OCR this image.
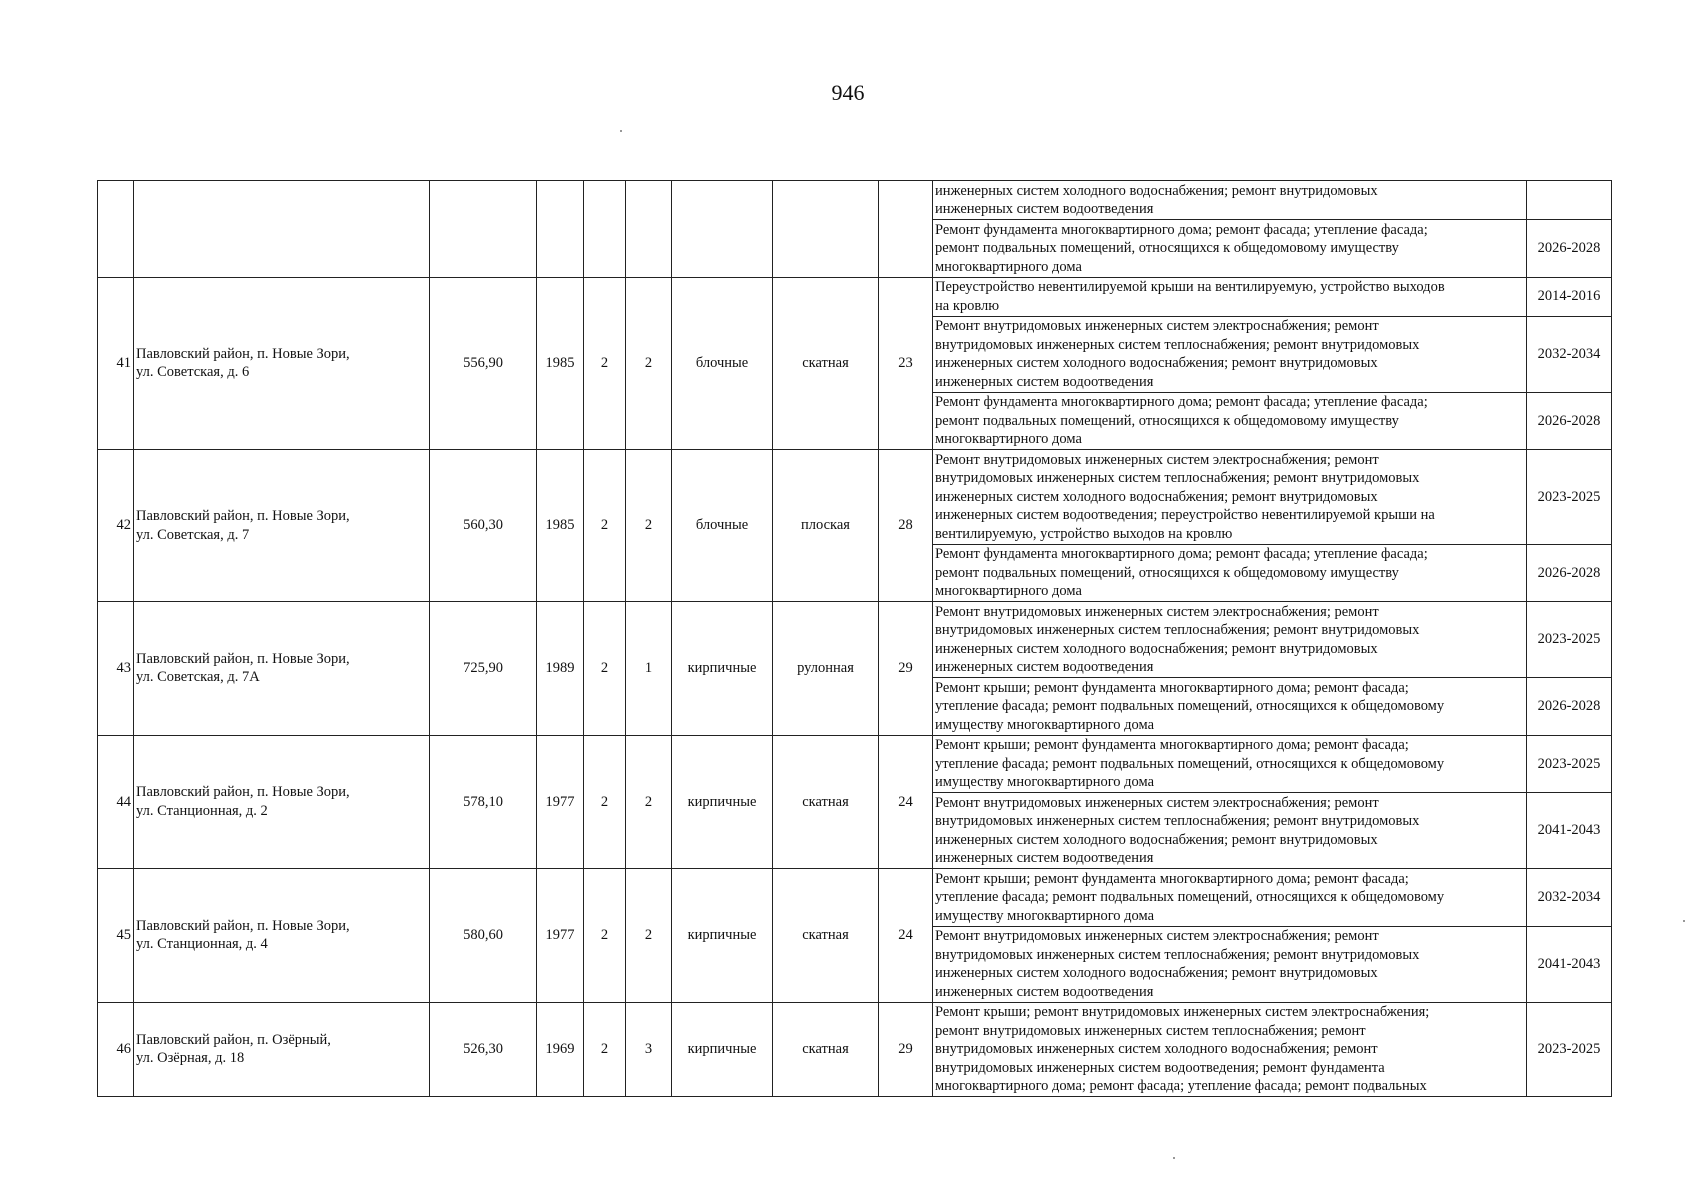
946
									инженерных систем холодного водоснабжения; ремонт внутридомовых
инженерных систем водоотведения	
									Ремонт фундамента многоквартирного дома; ремонт фасада; утепление фасада;
ремонт подвальных помещений, относящихся к общедомовому имуществу
многоквартирного дома	2026-2028
41	Павловский район, п. Новые Зори,
ул. Советская, д. 6	556,90	1985	2	2	блочные	скатная	23	Переустройство невентилируемой крыши на вентилируемую, устройство выходов
на кровлю	2014-2016
									Ремонт внутридомовых инженерных систем электроснабжения; ремонт
внутридомовых инженерных систем теплоснабжения; ремонт внутридомовых
инженерных систем холодного водоснабжения; ремонт внутридомовых
инженерных систем водоотведения	2032-2034
									Ремонт фундамента многоквартирного дома; ремонт фасада; утепление фасада;
ремонт подвальных помещений, относящихся к общедомовому имуществу
многоквартирного дома	2026-2028
42	Павловский район, п. Новые Зори,
ул. Советская, д. 7	560,30	1985	2	2	блочные	плоская	28	Ремонт внутридомовых инженерных систем электроснабжения; ремонт
внутридомовых инженерных систем теплоснабжения; ремонт внутридомовых
инженерных систем холодного водоснабжения; ремонт внутридомовых
инженерных систем водоотведения; переустройство невентилируемой крыши на
вентилируемую, устройство выходов на кровлю	2023-2025
									Ремонт фундамента многоквартирного дома; ремонт фасада; утепление фасада;
ремонт подвальных помещений, относящихся к общедомовому имуществу
многоквартирного дома	2026-2028
43	Павловский район, п. Новые Зори,
ул. Советская, д. 7А	725,90	1989	2	1	кирпичные	рулонная	29	Ремонт внутридомовых инженерных систем электроснабжения; ремонт
внутридомовых инженерных систем теплоснабжения; ремонт внутридомовых
инженерных систем холодного водоснабжения; ремонт внутридомовых
инженерных систем водоотведения	2023-2025
									Ремонт крыши; ремонт фундамента многоквартирного дома; ремонт фасада;
утепление фасада; ремонт подвальных помещений, относящихся к общедомовому
имуществу многоквартирного дома	2026-2028
44	Павловский район, п. Новые Зори,
ул. Станционная, д. 2	578,10	1977	2	2	кирпичные	скатная	24	Ремонт крыши; ремонт фундамента многоквартирного дома; ремонт фасада;
утепление фасада; ремонт подвальных помещений, относящихся к общедомовому
имуществу многоквартирного дома	2023-2025
									Ремонт внутридомовых инженерных систем электроснабжения; ремонт
внутридомовых инженерных систем теплоснабжения; ремонт внутридомовых
инженерных систем холодного водоснабжения; ремонт внутридомовых
инженерных систем водоотведения	2041-2043
45	Павловский район, п. Новые Зори,
ул. Станционная, д. 4	580,60	1977	2	2	кирпичные	скатная	24	Ремонт крыши; ремонт фундамента многоквартирного дома; ремонт фасада;
утепление фасада; ремонт подвальных помещений, относящихся к общедомовому
имуществу многоквартирного дома	2032-2034
									Ремонт внутридомовых инженерных систем электроснабжения; ремонт
внутридомовых инженерных систем теплоснабжения; ремонт внутридомовых
инженерных систем холодного водоснабжения; ремонт внутридомовых
инженерных систем водоотведения	2041-2043
46	Павловский район, п. Озёрный,
ул. Озёрная, д. 18	526,30	1969	2	3	кирпичные	скатная	29	Ремонт крыши; ремонт внутридомовых инженерных систем электроснабжения;
ремонт внутридомовых инженерных систем теплоснабжения; ремонт
внутридомовых инженерных систем холодного водоснабжения; ремонт
внутридомовых инженерных систем водоотведения; ремонт фундамента
многоквартирного дома; ремонт фасада; утепление фасада; ремонт подвальных	2023-2025
